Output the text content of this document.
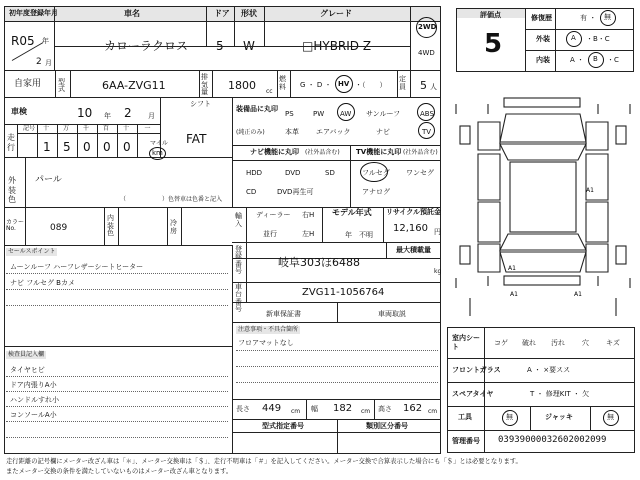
初年度登録年月	車名	ドア 形状	グレード
R05 年
2 月
カローラクロス 5 W	□HYBRID Z
2WD
4WD
自家用 型式	6AA-ZVG11
排気量
1800 cc
燃料 G ・ D ・ HV ・（　　）
定員 5 人
車検	10 年 2 月
シフト
FAT
走行
記号 十 万 千 百 十	一
1 5 0 0 0	マイル
km
装備品に丸印
(純正のみ)
PS	PW AW サンルーフ	ABS
本革 エアバック	ナビ	TV
ナビ機能に丸印 (社外品含む) TV機能に丸印 (社外品含む)
HDD	DVD	SD
CD	DVD再生可
フルセグ ワンセグ
アナログ
外装色
パール
（　　　　　　）色替車は色番と記入
カラーNo.	089
内装色
冷房
輸入
ディーラー
並行
右H
左H
モデル年式
年　不明
リサイクル預託金
12,160 円
セールスポイント
ムーンルーフ ハーフレザーシートヒーター
ナビ フルセグ Bカメ
最大積載量
kg
登録番号
岐阜303ほ6488
車台番号
ZVG11-1056764
新車保証書	車両取説
注意事項・不具合箇所
フロアマットなし
検査員記入欄
タイヤヒビ
ドア内張りA小
ハンドルすれ小
コンソールA小
長さ 449 cm 幅 182 cm 高さ 162 cm
型式指定番号	類別区分番号
評価点
5
修復歴	有 ・ 無
外装	A ・B・C
内装	A ・ B ・C
A1
A1
A1	A1
室内シート
コゲ 破れ 汚れ 穴 キズ
フロントガラス	A ・ ×要スス
スペアタイヤ	T ・ 修理KIT ・ 欠
工具	無	ジャッキ	無
管理番号 0393900003260200​2099
走行距離の記号欄にメーター改ざん車は「＊」、メーター交換車は「＄」、走行不明車は「＃」を記入してください。メーター交換で合算表示した場合にも「＄」とは必要となります。
またメーター交換の条件を満たしていないものはメーター改ざん車となります。
